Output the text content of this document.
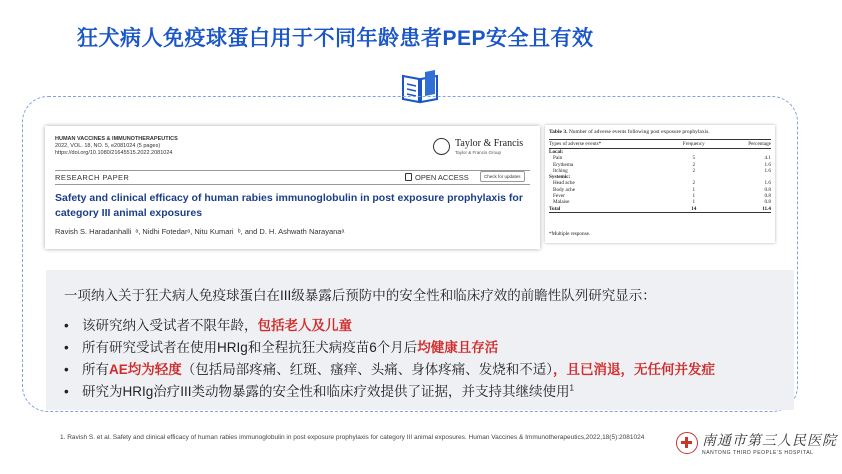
狂犬病人免疫球蛋白用于不同年龄患者PEP安全且有效
HUMAN VACCINES & IMMUNOTHERAPEUTICS
2022, VOL. 18, NO. 5, e2081024 (5 pages)
https://doi.org/10.1080/21645515.2022.2081024
Taylor & Francis
Taylor & Francis Group
RESEARCH PAPER	OPEN ACCESS	Check for updates
Safety and clinical efficacy of human rabies immunoglobulin in post exposure prophylaxis for category III animal exposures
Ravish S. Haradanhalli  ᵃ, Nidhi Fotedarᵃ, Nitu Kumari  ᵇ, and D. H. Ashwath Narayanaᵃ
Table 3. Number of adverse events following post exposure prophylaxis.
Types of adverse events*	Frequency	Percentage
Local:		
Pain	5	4.1
Erythema	2	1.6
Itching	2	1.6
Systemic:		
Head ache	2	1.6
Body ache	1	0.8
Fever	1	0.8
Malaise	1	0.8
Total	14	11.4
*Multiple response.
一项纳入关于狂犬病人免疫球蛋白在III级暴露后预防中的安全性和临床疗效的前瞻性队列研究显示：
• 该研究纳入受试者不限年龄，包括老人及儿童
• 所有研究受试者在使用HRIg和全程抗狂犬病疫苗6个月后均健康且存活
• 所有AE均为轻度（包括局部疼痛、红斑、瘙痒、头痛、身体疼痛、发烧和不适），且已消退，无任何并发症
• 研究为HRIg治疗III类动物暴露的安全性和临床疗效提供了证据，并支持其继续使用$^1$
1. Ravish S. et al. Safety and clinical efficacy of human rabies immunoglobulin in post exposure prophylaxis for category III animal exposures. Human Vaccines & Immunotherapeutics,2022,18(5):2081024	南通市第三人民医院
NANTONG THIRD PEOPLE'S HOSPITAL
